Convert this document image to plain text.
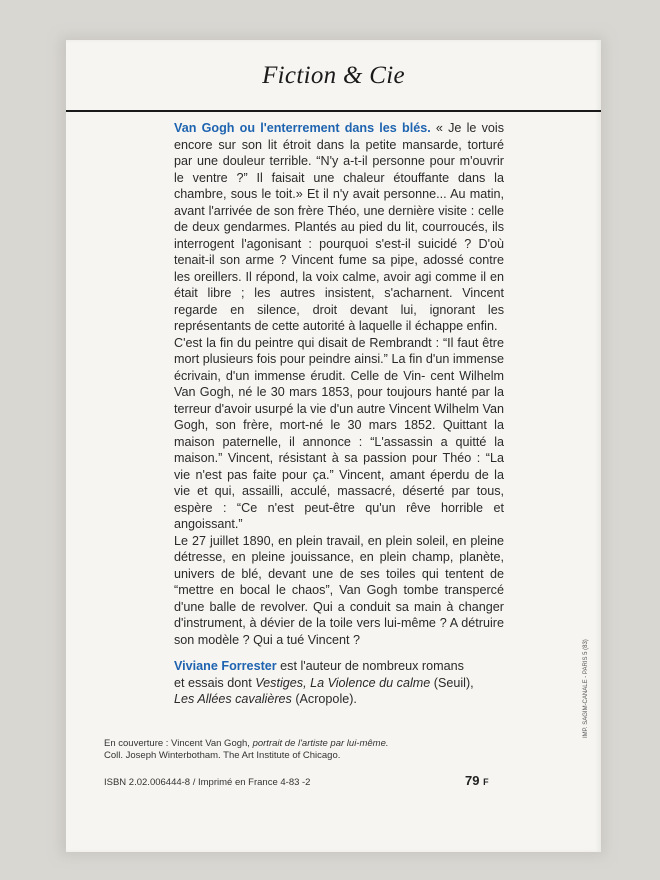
Fiction & Cie

Van Gogh ou l'enterrement dans les blés. « Je le vois encore sur son lit étroit dans la petite mansarde, torturé par une douleur terrible. “N'y a-t-il personne pour m'ouvrir le ventre ?” Il faisait une chaleur étouffante dans la chambre, sous le toit.» Et il n'y avait personne... Au matin, avant l'arrivée de son frère Théo, une dernière visite : celle de deux gendarmes. Plantés au pied du lit, courroucés, ils interrogent l'agonisant : pourquoi s'est-il suicidé ? D'où tenait-il son arme ? Vincent fume sa pipe, adossé contre les oreillers. Il répond, la voix calme, avoir agi comme il en était libre ; les autres insistent, s'acharnent. Vincent regarde en silence, droit devant lui, ignorant les représentants de cette autorité à laquelle il échappe enfin.

C'est la fin du peintre qui disait de Rembrandt : “Il faut être mort plusieurs fois pour peindre ainsi.” La fin d'un immense écrivain, d'un immense érudit. Celle de Vin- cent Wilhelm Van Gogh, né le 30 mars 1853, pour toujours hanté par la terreur d'avoir usurpé la vie d'un autre Vincent Wilhelm Van Gogh, son frère, mort-né le 30 mars 1852. Quittant la maison paternelle, il annonce : “L'assassin a quitté la maison.” Vincent, résistant à sa passion pour Théo : “La vie n'est pas faite pour ça.” Vincent, amant éperdu de la vie et qui, assailli, acculé, massacré, déserté par tous, espère : “Ce n'est peut-être qu'un rêve horrible et angoissant.”

Le 27 juillet 1890, en plein travail, en plein soleil, en pleine détresse, en pleine jouissance, en plein champ, planète, univers de blé, devant une de ses toiles qui tentent de “mettre en bocal le chaos”, Van Gogh tombe transpercé d'une balle de revolver. Qui a conduit sa main à changer d'instrument, à dévier de la toile vers lui-même ? A détruire son modèle ? Qui a tué Vincent ?

Viviane Forrester est l'auteur de nombreux romans
et essais dont Vestiges, La Violence du calme (Seuil),
Les Allées cavalières (Acropole).
En couverture : Vincent Van Gogh, portrait de l'artiste par lui-même.
Coll. Joseph Winterbotham. The Art Institute of Chicago.
ISBN 2.02.006444-8 / Imprimé en France 4-83 -2	79 F
IMP. SAGIM-CANALE - PARIS 5 (83)
